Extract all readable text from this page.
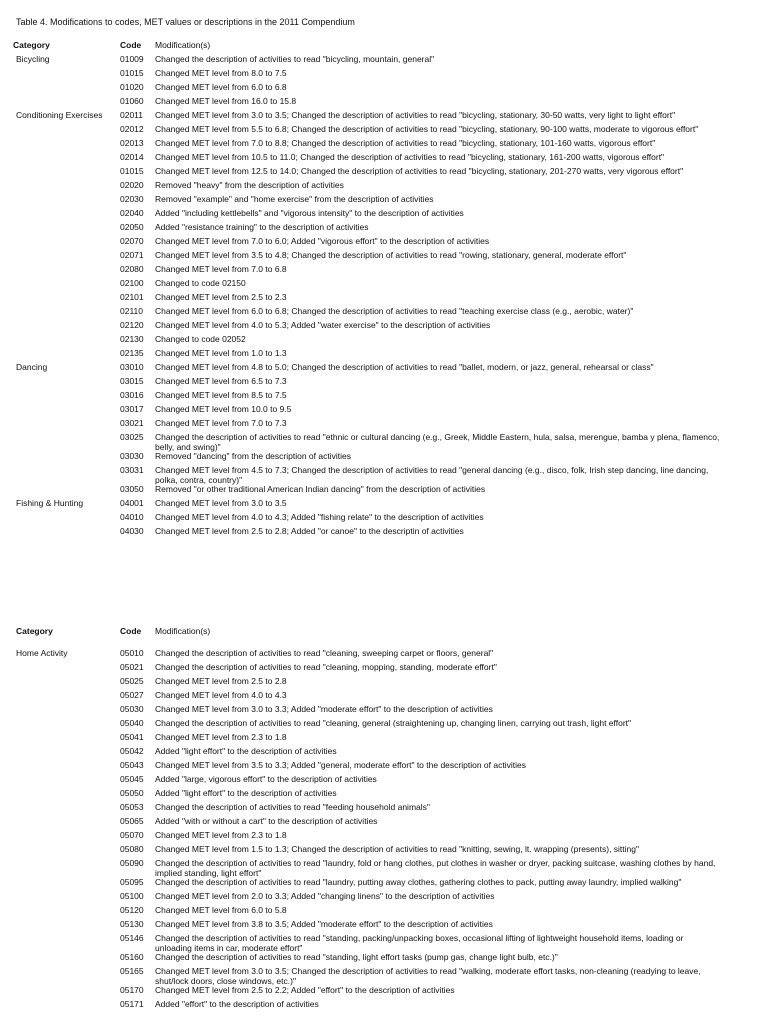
Table 4. Modifications to codes, MET values or descriptions in the 2011 Compendium
Category	Code Modification(s)
Bicycling	01009 Changed the description of activities to read "bicycling, mountain, general"
01015 Changed MET level from 8.0 to 7.5
01020 Changed MET level from 6.0 to 6.8
01060 Changed MET level from 16.0 to 15.8
Conditioning Exercises 02011 Changed MET level from 3.0 to 3.5; Changed the description of activities to read "bicycling, stationary, 30-50 watts, very light to light effort"
02012 Changed MET level from 5.5 to 6.8; Changed the description of activities to read "bicycling, stationary, 90-100 watts, moderate to vigorous effort"
02013 Changed MET level from 7.0 to 8.8; Changed the description of activities to read "bicycling, stationary, 101-160 watts, vigorous effort"
02014 Changed MET level from 10.5 to 11.0; Changed the description of activities to read "bicycling, stationary, 161-200 watts, vigorous effort"
01015 Changed MET level from 12.5 to 14.0; Changed the description of activities to read "bicycling, stationary, 201-270 watts, very vigorous effort"
02020 Removed "heavy" from the description of activities
02030 Removed "example" and "home exercise" from the description of activities
02040 Added "including kettlebells" and "vigorous intensity" to the description of activities
02050 Added "resistance training" to the description of activities
02070 Changed MET level from 7.0 to 6.0; Added "vigorous effort" to the description of activities
02071 Changed MET level from 3.5 to 4.8; Changed the description of activities to read "rowing, stationary, general, moderate effort"
02080 Changed MET level from 7.0 to 6.8
02100 Changed to code 02150
02101 Changed MET level from 2.5 to 2.3
02110 Changed MET level from 6.0 to 6.8; Changed the description of activities to read "teaching exercise class (e.g., aerobic, water)"
02120 Changed MET level from 4.0 to 5.3; Added "water exercise" to the description of activities
02130 Changed to code 02052
02135 Changed MET level from 1.0 to 1.3
Dancing	03010 Changed MET level from 4.8 to 5.0; Changed the description of activities to read "ballet, modern, or jazz, general, rehearsal or class"
03015 Changed MET level from 6.5 to 7.3
03016 Changed MET level from 8.5 to 7.5
03017 Changed MET level from 10.0 to 9.5
03021 Changed MET level from 7.0 to 7.3
03025 Changed the description of activities to read "ethnic or cultural dancing (e.g., Greek, Middle Eastern, hula, salsa, merengue, bamba y plena, flamenco, belly, and swing)"
03030 Removed "dancing" from the description of activities
03031 Changed MET level from 4.5 to 7.3; Changed the description of activities to read "general dancing (e.g., disco, folk, Irish step dancing, line dancing, polka, contra, country)"
03050 Removed "or other traditional American Indian dancing" from the description of activities
Fishing & Hunting	04001 Changed MET level from 3.0 to 3.5
04010 Changed MET level from 4.0 to 4.3; Added "fishing relate" to the description of activities
04030 Changed MET level from 2.5 to 2.8; Added "or canoe" to the descriptin of activities
Category	Code Modification(s)
Home Activity	05010 Changed the description of activities to read "cleaning, sweeping carpet or floors, general"
05021 Changed the description of activities to read "cleaning, mopping, standing, moderate effort"
05025 Changed MET level from 2.5 to 2.8
05027 Changed MET level from 4.0 to 4.3
05030 Changed MET level from 3.0 to 3.3; Added "moderate effort" to the description of activities
05040 Changed the description of activities to read "cleaning, general (straightening up, changing linen, carrying out trash, light effort"
05041 Changed MET level from 2.3 to 1.8
05042 Added "light effort" to the description of activities
05043 Changed MET level from 3.5 to 3.3; Added "general, moderate effort" to the description of activities
05045 Added "large, vigorous effort" to the description of activities
05050 Added "light effort" to the description of activities
05053 Changed the description of activities to read "feeding household animals"
05065 Added "with or without a cart" to the description of activities
05070 Changed MET level from 2.3 to 1.8
05080 Changed MET level from 1.5 to 1.3; Changed the description of activities to read "knitting, sewing, lt. wrapping (presents), sitting"
05090 Changed the description of activities to read "laundry, fold or hang clothes, put clothes in washer or dryer, packing suitcase, washing clothes by hand, implied standing, light effort"
05095 Changed the description of activities to read "laundry, putting away clothes, gathering clothes to pack, putting away laundry, implied walking"
05100 Changed MET level from 2.0 to 3.3; Added "changing linens" to the description of activities
05120 Changed MET level from 6.0 to 5.8
05130 Changed MET level from 3.8 to 3.5; Added "moderate effort" to the description of activities
05146 Changed the description of activities to read "standing, packing/unpacking boxes, occasional lifting of lightweight household items, loading or unloading items in car, moderate effort"
05160 Changed the description of activities to read "standing, light effort tasks (pump gas, change light bulb, etc.)"
05165 Changed MET level from 3.0 to 3.5; Changed the description of activities to read "walking, moderate effort tasks, non-cleaning (readying to leave, shut/lock doors, close windows, etc.)"
05170 Changed MET level from 2.5 to 2.2; Added "effort" to the description of activities
05171 Added "effort" to the description of activities
